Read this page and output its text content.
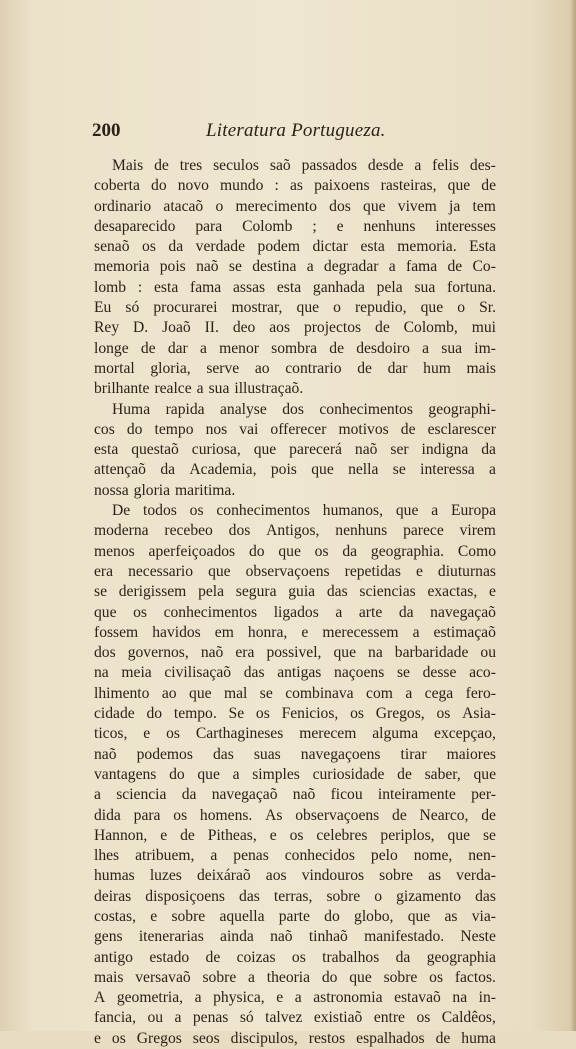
200	Literatura Portugueza.
Mais de tres seculos saõ passados desde a felis des-
coberta do novo mundo : as paixoens rasteiras, que de
ordinario atacaõ o merecimento dos que vivem ja tem
desaparecido para Colomb ; e nenhuns interesses
senaõ os da verdade podem dictar esta memoria. Esta
memoria pois naõ se destina a degradar a fama de Co-
lomb : esta fama assas esta ganhada pela sua fortuna.
Eu só procurarei mostrar, que o repudio, que o Sr.
Rey D. Joaõ II. deo aos projectos de Colomb, mui
longe de dar a menor sombra de desdoiro a sua im-
mortal gloria, serve ao contrario de dar hum mais
brilhante realce a sua illustraçaõ.
Huma rapida analyse dos conhecimentos geographi-
cos do tempo nos vai offerecer motivos de esclarescer
esta questaõ curiosa, que parecerá naõ ser indigna da
attençaõ da Academia, pois que nella se interessa a
nossa gloria maritima.
De todos os conhecimentos humanos, que a Europa
moderna recebeo dos Antigos, nenhuns parece virem
menos aperfeiçoados do que os da geographia. Como
era necessario que observaçoens repetidas e diuturnas
se derigissem pela segura guia das sciencias exactas, e
que os conhecimentos ligados a arte da navegaçaõ
fossem havidos em honra, e merecessem a estimaçaõ
dos governos, naõ era possivel, que na barbaridade ou
na meia civilisaçaõ das antigas naçoens se desse aco-
lhimento ao que mal se combinava com a cega fero-
cidade do tempo. Se os Fenicios, os Gregos, os Asia-
ticos, e os Carthagineses merecem alguma excepçao,
naõ podemos das suas navegaçoens tirar maiores
vantagens do que a simples curiosidade de saber, que
a sciencia da navegaçaõ naõ ficou inteiramente per-
dida para os homens. As observaçoens de Nearco, de
Hannon, e de Pitheas, e os celebres periplos, que se
lhes atribuem, a penas conhecidos pelo nome, nen-
humas luzes deixáraõ aos vindouros sobre as verda-
deiras disposiçoens das terras, sobre o gizamento das
costas, e sobre aquella parte do globo, que as via-
gens itenerarias ainda naõ tinhaõ manifestado. Neste
antigo estado de coizas os trabalhos da geographia
mais versavaõ sobre a theoria do que sobre os factos.
A geometria, a physica, e a astronomia estavaõ na in-
fancia, ou a penas só talvez existiaõ entre os Caldêos,
e os Gregos seos discipulos, restos espalhados de huma
